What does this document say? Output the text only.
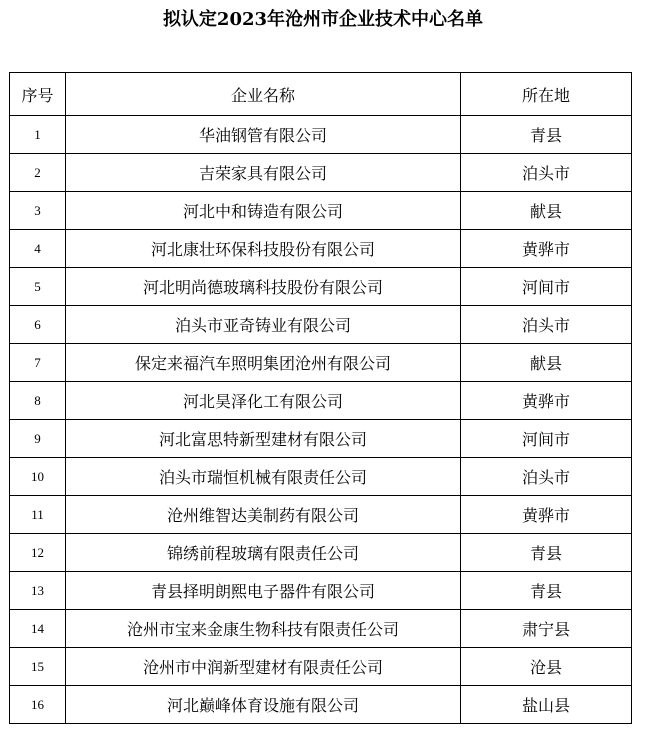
拟认定2023年沧州市企业技术中心名单
序号	企业名称	所在地
1	华油钢管有限公司	青县
2	吉荣家具有限公司	泊头市
3	河北中和铸造有限公司	献县
4	河北康壮环保科技股份有限公司	黄骅市
5	河北明尚德玻璃科技股份有限公司	河间市
6	泊头市亚奇铸业有限公司	泊头市
7	保定来福汽车照明集团沧州有限公司	献县
8	河北昊泽化工有限公司	黄骅市
9	河北富思特新型建材有限公司	河间市
10	泊头市瑞恒机械有限责任公司	泊头市
11	沧州维智达美制药有限公司	黄骅市
12	锦绣前程玻璃有限责任公司	青县
13	青县择明朗熙电子器件有限公司	青县
14	沧州市宝来金康生物科技有限责任公司	肃宁县
15	沧州市中润新型建材有限责任公司	沧县
16	河北巅峰体育设施有限公司	盐山县
